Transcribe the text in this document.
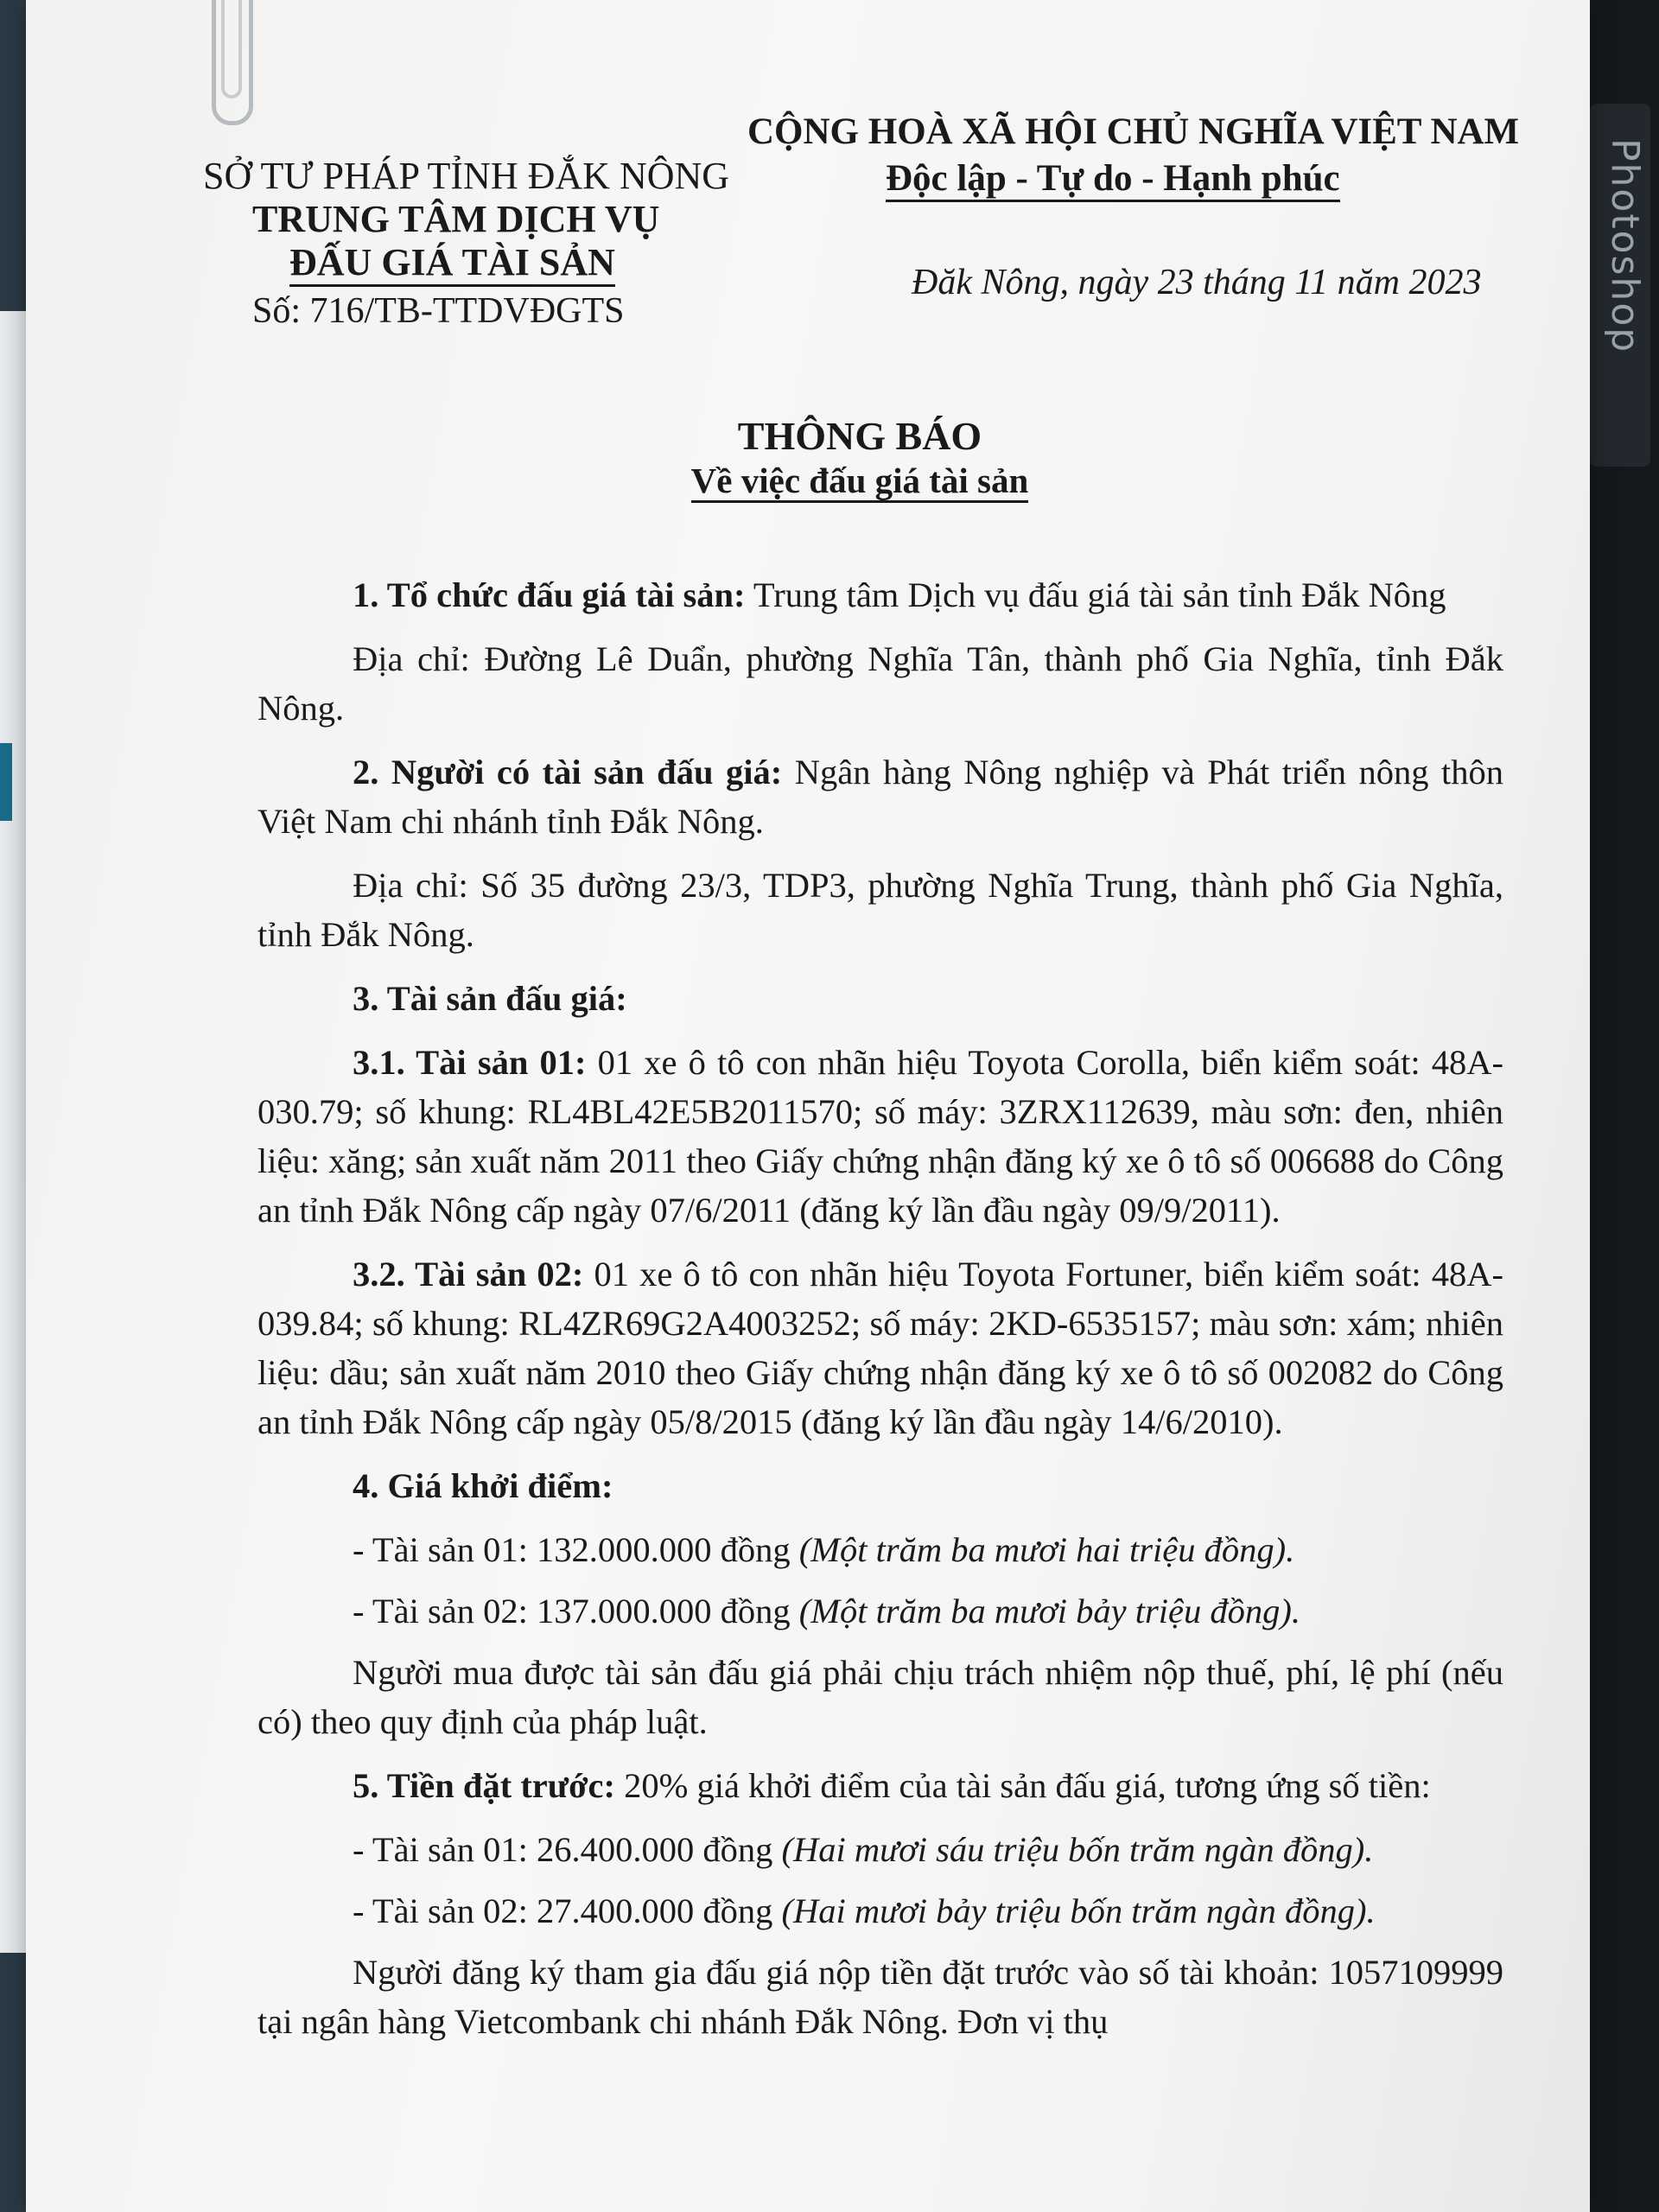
Photoshop
SỞ TƯ PHÁP TỈNH ĐẮK NÔNG
TRUNG TÂM DỊCH VỤ
ĐẤU GIÁ TÀI SẢN
Số: 716/TB-TTDVĐGTS
CỘNG HOÀ XÃ HỘI CHỦ NGHĨA VIỆT NAM
Độc lập - Tự do - Hạnh phúc
Đăk Nông, ngày 23 tháng 11 năm 2023
THÔNG BÁO
Về việc đấu giá tài sản

1. Tổ chức đấu giá tài sản: Trung tâm Dịch vụ đấu giá tài sản tỉnh Đắk Nông

Địa chỉ: Đường Lê Duẩn, phường Nghĩa Tân, thành phố Gia Nghĩa, tỉnh Đắk Nông.

2. Người có tài sản đấu giá: Ngân hàng Nông nghiệp và Phát triển nông thôn Việt Nam chi nhánh tỉnh Đắk Nông.

Địa chỉ: Số 35 đường 23/3, TDP3, phường Nghĩa Trung, thành phố Gia Nghĩa, tỉnh Đắk Nông.

3. Tài sản đấu giá:

3.1. Tài sản 01: 01 xe ô tô con nhãn hiệu Toyota Corolla, biển kiểm soát: 48A-030.79; số khung: RL4BL42E5B2011570; số máy: 3ZRX112639, màu sơn: đen, nhiên liệu: xăng; sản xuất năm 2011 theo Giấy chứng nhận đăng ký xe ô tô số 006688 do Công an tỉnh Đắk Nông cấp ngày 07/6/2011 (đăng ký lần đầu ngày 09/9/2011).

3.2. Tài sản 02: 01 xe ô tô con nhãn hiệu Toyota Fortuner, biển kiểm soát: 48A-039.84; số khung: RL4ZR69G2A4003252; số máy: 2KD-6535157; màu sơn: xám; nhiên liệu: dầu; sản xuất năm 2010 theo Giấy chứng nhận đăng ký xe ô tô số 002082 do Công an tỉnh Đắk Nông cấp ngày 05/8/2015 (đăng ký lần đầu ngày 14/6/2010).

4. Giá khởi điểm:

- Tài sản 01: 132.000.000 đồng (Một trăm ba mươi hai triệu đồng).

- Tài sản 02: 137.000.000 đồng (Một trăm ba mươi bảy triệu đồng).

Người mua được tài sản đấu giá phải chịu trách nhiệm nộp thuế, phí, lệ phí (nếu có) theo quy định của pháp luật.

5. Tiền đặt trước: 20% giá khởi điểm của tài sản đấu giá, tương ứng số tiền:

- Tài sản 01: 26.400.000 đồng (Hai mươi sáu triệu bốn trăm ngàn đồng).

- Tài sản 02: 27.400.000 đồng (Hai mươi bảy triệu bốn trăm ngàn đồng).

Người đăng ký tham gia đấu giá nộp tiền đặt trước vào số tài khoản: 1057109999 tại ngân hàng Vietcombank chi nhánh Đắk Nông. Đơn vị thụ
